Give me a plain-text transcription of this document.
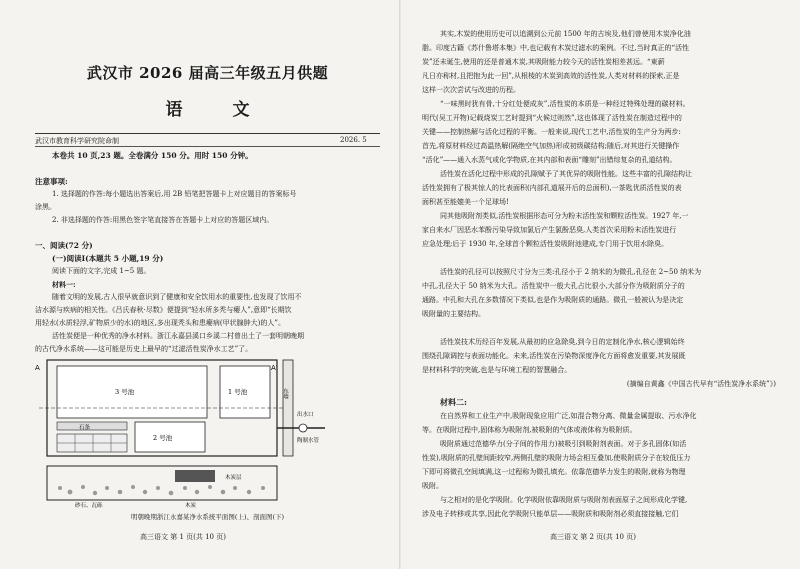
武汉市 2026 届高三年级五月供题
语 文
武汉市教育科学研究院命制	2026. 5
本卷共 10 页,23 题。全卷满分 150 分。用时 150 分钟。
注意事项:
1. 选择题的作答:每小题选出答案后,用 2B 铅笔把答题卡上对应题目的答案标号
涂黑。
2. 非选择题的作答:用黑色签字笔直接答在答题卡上对应的答题区域内。
一、阅读(72 分)
(一)阅读Ⅰ(本题共 5 小题,19 分)
阅读下面的文字,完成 1~5 题。
材料一:
随着文明的发展,古人很早就意识到了健康和安全饮用水的重要性,也发现了饮用不
洁水源与疾病的相关性。《吕氏春秋·尽数》便提到“轻水所多秃与瘿人”,意即“长期饮
用轻水(水质轻浮,矿物质少的水)的地区,多出现秃头和患瘿病(甲状腺肿大)的人”。
活性炭便是一种优秀的净水材料。浙江永嘉县溪口乡溪二村曾出土了一套明朝晚期
的古代净水系统——这可能是历史上最早的“过滤活性炭净水工艺”了。
A	A'
3 号池	1 号池
2 号池
石条
东墙
出水口
陶制水管
木炭层
砂石、瓦砾	木炭
明朝晚期浙江永嘉某净水系统平面图(上)、剖面图(下)
高三语文 第 1 页(共 10 页)
其实,木炭的使用历史可以追溯到公元前 1500 年的古埃及,他们曾使用木炭净化油
脂。印度古籍《苏什鲁塔本集》中,也记载有木炭过滤水的案例。不过,当时真正的“活性
炭”还未诞生,使用的还是普通木炭,其吸附能力较今天的活性炭相差甚远。“東薪
凡日亦称材,且把抱为此一回”,从根棱的木炭到高效的活性炭,人类对材料的探索,正是
这样一次次尝试与改进的历程。
“一味黑时犹有骨,十分红处便成灰”,活性炭的本质是一种经过特殊处理的碳材料。
明代(吴工开物)记载烧炭工艺时提到“火候过则然”,这也体现了活性炭在制造过程中的
关键——控制热解与活化过程的平衡。一般来说,现代工艺中,活性炭的生产分为两步:
首先,将原材料经过高温热解(隔绝空气加热)形成初级碳结构;随后,对其进行关键操作
“活化”——通入水蒸气或化学物质,在其内部和表面“雕刻”出错综复杂的孔道结构。
活性炭在活化过程中形成的孔隙赋予了其优异的吸附性能。这些丰富的孔隙结构让
活性炭拥有了极其惊人的比表面积(内部孔道展开后的总面积),一茶匙优质活性炭的表
面积甚至能媲美一个足球场!
同其他吸附剂类似,活性炭根据形态可分为粉末活性炭和颗粒活性炭。1927 年,一
家自来水厂因恶水苯酚污染导致加氯后产生氯酚恶臭,人类首次采用粉末活性炭进行
应急处理;后于 1930 年,全球首个颗粒活性炭吸附池建成,专门用于饮用水除臭。
活性炭的孔径可以按照尺寸分为三类:孔径小于 2 纳米的为微孔,孔径在 2~50 纳米为
中孔,孔径大于 50 纳米为大孔。活性炭中一般大孔占比很小,大部分作为吸附质分子的
通路。中孔和大孔在多数情况下类似,也是作为吸附质的通路。微孔一般被认为是决定
吸附量的主要结构。
活性炭技术历经百年发展,从最初的应急除臭,到今日的定制化净水,核心逻辑始终
围绕孔隙调控与表面功能化。未来,活性炭在污染物深度净化方面将愈发重要,其发展既
是材料科学的突破,也是与环境工程的智慧融合。
(摘编自黄鑫《中国古代早有“活性炭净水系统”》)
材料二:
在自然界和工业生产中,吸附现象应用广泛,如混合物分离、微量金属提取、污水净化
等。在吸附过程中,固体称为吸附剂,被吸附的气体或液体称为吸附质。
吸附质通过范德华力(分子间的作用力)被吸引到吸附剂表面。对于多孔固体(如活
性炭),吸附质的孔壁间距较窄,两侧孔壁的吸附力场会相互叠加,使吸附质分子在较低压力
下即可将微孔空间填满,这一过程称为微孔填充。依靠范德华力发生的吸附,就称为物理
吸附。
与之相对的是化学吸附。化学吸附依靠吸附质与吸附剂表面原子之间形成化学键,
涉及电子转移或共享,因此化学吸附只能单层——吸附质和吸附剂必须直接接触,它们
高三语文 第 2 页(共 10 页)
